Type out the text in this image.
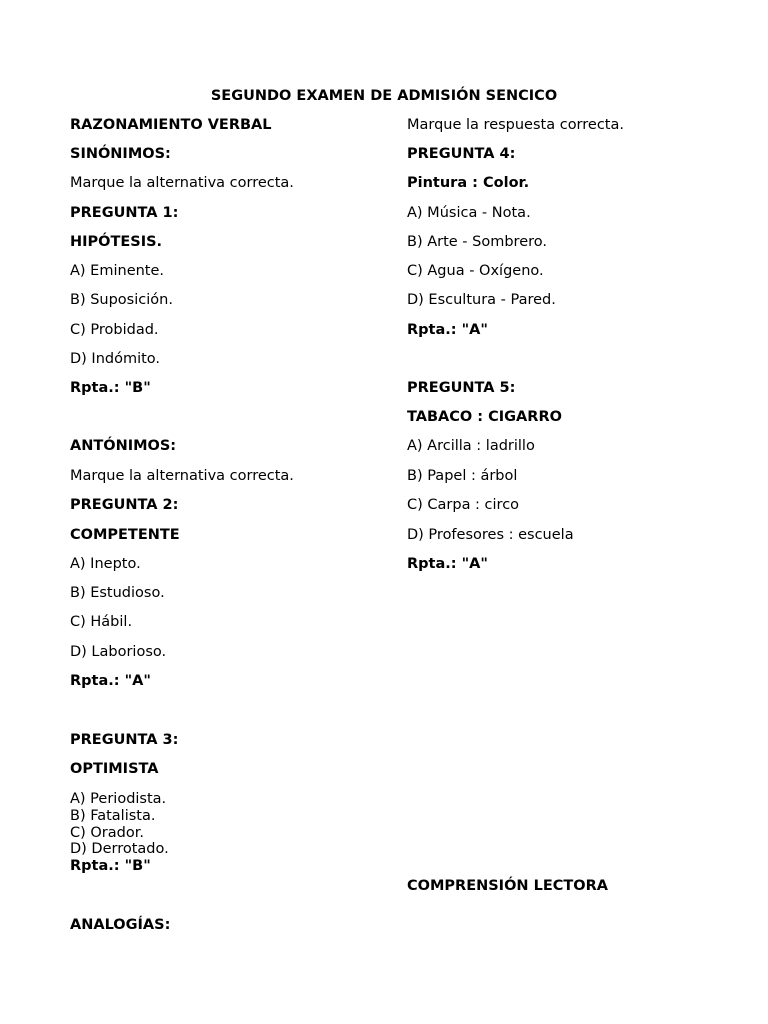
SEGUNDO EXAMEN DE ADMISIÓN SENCICO
RAZONAMIENTO VERBAL
SINÓNIMOS:
Marque la alternativa correcta.
PREGUNTA 1:
HIPÓTESIS.
A) Eminente.
B) Suposición.
C) Probidad.
D) Indómito.
Rpta.: "B"
ANTÓNIMOS:
Marque la alternativa correcta.
PREGUNTA 2:
COMPETENTE
A) Inepto.
B) Estudioso.
C) Hábil.
D) Laborioso.
Rpta.: "A"
PREGUNTA 3:
OPTIMISTA
A) Periodista.
B) Fatalista.
C) Orador.
D) Derrotado.
Rpta.: "B"
ANALOGÍAS:
Marque la respuesta correcta.
PREGUNTA 4:
Pintura : Color.
A) Música - Nota.
B) Arte - Sombrero.
C) Agua - Oxígeno.
D) Escultura - Pared.
Rpta.: "A"
PREGUNTA 5:
TABACO : CIGARRO
A) Arcilla : ladrillo
B) Papel : árbol
C) Carpa : circo
D) Profesores : escuela
Rpta.: "A"
COMPRENSIÓN LECTORA
